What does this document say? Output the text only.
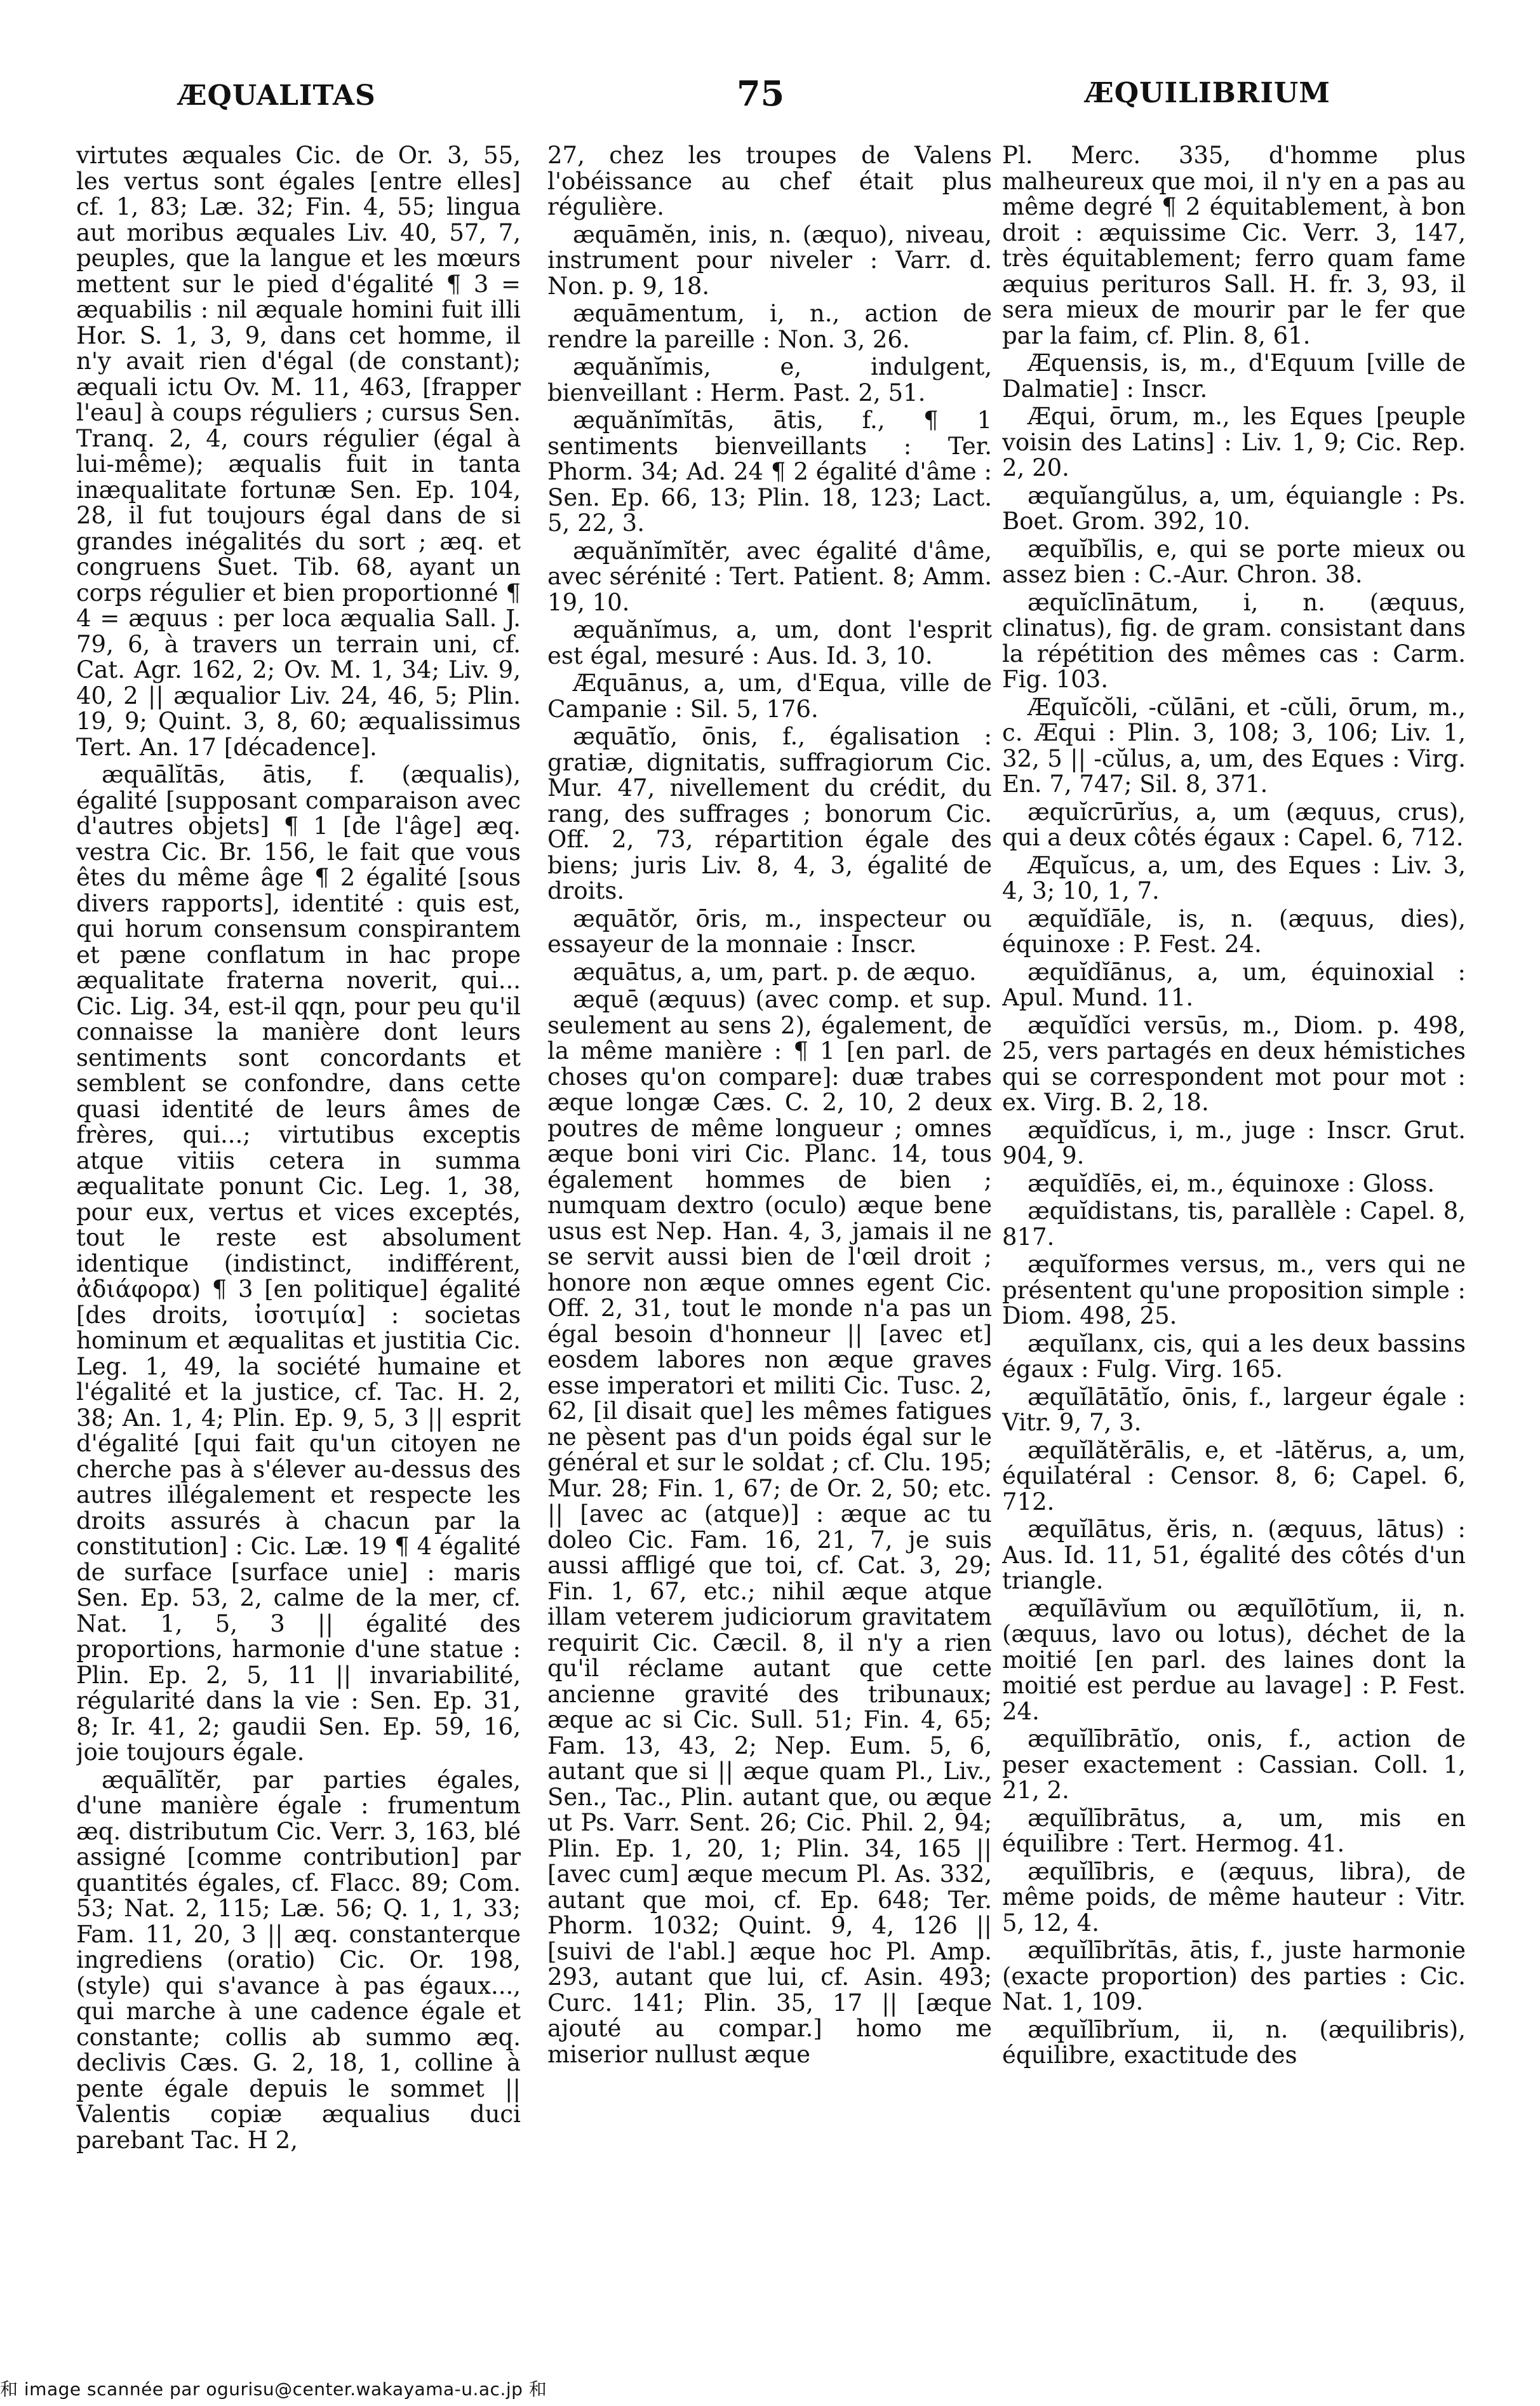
ÆQUALITAS	75	ÆQUILIBRIUM

virtutes æquales Cic. de Or. 3, 55, les vertus sont égales [entre elles] cf. 1, 83; Læ. 32; Fin. 4, 55; lingua aut moribus æquales Liv. 40, 57, 7, peuples, que la langue et les mœurs mettent sur le pied d'égalité ¶ 3 = æquabilis : nil æquale homini fuit illi Hor. S. 1, 3, 9, dans cet homme, il n'y avait rien d'égal (de constant); æquali ictu Ov. M. 11, 463, [frapper l'eau] à coups réguliers ; cursus Sen. Tranq. 2, 4, cours régulier (égal à lui-même); æqualis fuit in tanta inæqualitate fortunæ Sen. Ep. 104, 28, il fut toujours égal dans de si grandes inégalités du sort ; æq. et congruens Suet. Tib. 68, ayant un corps régulier et bien proportionné ¶ 4 = æquus : per loca æqualia Sall. J. 79, 6, à travers un terrain uni, cf. Cat. Agr. 162, 2; Ov. M. 1, 34; Liv. 9, 40, 2 || æqualior Liv. 24, 46, 5; Plin. 19, 9; Quint. 3, 8, 60; æqualissimus Tert. An. 17 [décadence].

æquālĭtās, ātis, f. (æqualis), égalité [supposant comparaison avec d'autres objets] ¶ 1 [de l'âge] æq. vestra Cic. Br. 156, le fait que vous êtes du même âge ¶ 2 égalité [sous divers rapports], identité : quis est, qui horum consensum conspirantem et pæne conflatum in hac prope æqualitate fraterna noverit, qui... Cic. Lig. 34, est-il qqn, pour peu qu'il connaisse la manière dont leurs sentiments sont concordants et semblent se confondre, dans cette quasi identité de leurs âmes de frères, qui...; virtutibus exceptis atque vitiis cetera in summa æqualitate ponunt Cic. Leg. 1, 38, pour eux, vertus et vices exceptés, tout le reste est absolument identique (indistinct, indifférent, ἀδιάφορα) ¶ 3 [en politique] égalité [des droits, ἰσοτιμία] : societas hominum et æqualitas et justitia Cic. Leg. 1, 49, la société humaine et l'égalité et la justice, cf. Tac. H. 2, 38; An. 1, 4; Plin. Ep. 9, 5, 3 || esprit d'égalité [qui fait qu'un citoyen ne cherche pas à s'élever au-dessus des autres illégalement et respecte les droits assurés à chacun par la constitution] : Cic. Læ. 19 ¶ 4 égalité de surface [surface unie] : maris Sen. Ep. 53, 2, calme de la mer, cf. Nat. 1, 5, 3 || égalité des proportions, harmonie d'une statue : Plin. Ep. 2, 5, 11 || invariabilité, régularité dans la vie : Sen. Ep. 31, 8; Ir. 41, 2; gaudii Sen. Ep. 59, 16, joie toujours égale.

æquālĭtĕr, par parties égales, d'une manière égale : frumentum æq. distributum Cic. Verr. 3, 163, blé assigné [comme contribution] par quantités égales, cf. Flacc. 89; Com. 53; Nat. 2, 115; Læ. 56; Q. 1, 1, 33; Fam. 11, 20, 3 || æq. constanterque ingrediens (oratio) Cic. Or. 198, (style) qui s'avance à pas égaux..., qui marche à une cadence égale et constante; collis ab summo æq. declivis Cæs. G. 2, 18, 1, colline à pente égale depuis le sommet || Valentis copiæ æqualius duci parebant Tac. H 2,

27, chez les troupes de Valens l'obéissance au chef était plus régulière.

æquāmĕn, inis, n. (æquo), niveau, instrument pour niveler : Varr. d. Non. p. 9, 18.

æquāmentum, i, n., action de rendre la pareille : Non. 3, 26.

æquănĭmis, e, indulgent, bienveillant : Herm. Past. 2, 51.

æquănĭmĭtās, ātis, f., ¶ 1 sentiments bienveillants : Ter. Phorm. 34; Ad. 24 ¶ 2 égalité d'âme : Sen. Ep. 66, 13; Plin. 18, 123; Lact. 5, 22, 3.

æquănĭmĭtĕr, avec égalité d'âme, avec sérénité : Tert. Patient. 8; Amm. 19, 10.

æquănĭmus, a, um, dont l'esprit est égal, mesuré : Aus. Id. 3, 10.

Æquānus, a, um, d'Equa, ville de Campanie : Sil. 5, 176.

æquātĭo, ōnis, f., égalisation : gratiæ, dignitatis, suffragiorum Cic. Mur. 47, nivellement du crédit, du rang, des suffrages ; bonorum Cic. Off. 2, 73, répartition égale des biens; juris Liv. 8, 4, 3, égalité de droits.

æquātŏr, ōris, m., inspecteur ou essayeur de la monnaie : Inscr.

æquātus, a, um, part. p. de æquo.

æquē (æquus) (avec comp. et sup. seulement au sens 2), également, de la même manière : ¶ 1 [en parl. de choses qu'on compare]: duæ trabes æque longæ Cæs. C. 2, 10, 2 deux poutres de même longueur ; omnes æque boni viri Cic. Planc. 14, tous également hommes de bien ; numquam dextro (oculo) æque bene usus est Nep. Han. 4, 3, jamais il ne se servit aussi bien de l'œil droit ; honore non æque omnes egent Cic. Off. 2, 31, tout le monde n'a pas un égal besoin d'honneur || [avec et] eosdem labores non æque graves esse imperatori et militi Cic. Tusc. 2, 62, [il disait que] les mêmes fatigues ne pèsent pas d'un poids égal sur le général et sur le soldat ; cf. Clu. 195; Mur. 28; Fin. 1, 67; de Or. 2, 50; etc. || [avec ac (atque)] : æque ac tu doleo Cic. Fam. 16, 21, 7, je suis aussi affligé que toi, cf. Cat. 3, 29; Fin. 1, 67, etc.; nihil æque atque illam veterem judiciorum gravitatem requirit Cic. Cæcil. 8, il n'y a rien qu'il réclame autant que cette ancienne gravité des tribunaux; æque ac si Cic. Sull. 51; Fin. 4, 65; Fam. 13, 43, 2; Nep. Eum. 5, 6, autant que si || æque quam Pl., Liv., Sen., Tac., Plin. autant que, ou æque ut Ps. Varr. Sent. 26; Cic. Phil. 2, 94; Plin. Ep. 1, 20, 1; Plin. 34, 165 || [avec cum] æque mecum Pl. As. 332, autant que moi, cf. Ep. 648; Ter. Phorm. 1032; Quint. 9, 4, 126 || [suivi de l'abl.] æque hoc Pl. Amp. 293, autant que lui, cf. Asin. 493; Curc. 141; Plin. 35, 17 || [æque ajouté au compar.] homo me miserior nullust æque

Pl. Merc. 335, d'homme plus malheureux que moi, il n'y en a pas au même degré ¶ 2 équitablement, à bon droit : æquissime Cic. Verr. 3, 147, très équitablement; ferro quam fame æquius perituros Sall. H. fr. 3, 93, il sera mieux de mourir par le fer que par la faim, cf. Plin. 8, 61.

Æquensis, is, m., d'Equum [ville de Dalmatie] : Inscr.

Æqui, ōrum, m., les Eques [peuple voisin des Latins] : Liv. 1, 9; Cic. Rep. 2, 20.

æquĭangŭlus, a, um, équiangle : Ps. Boet. Grom. 392, 10.

æquĭbĭlis, e, qui se porte mieux ou assez bien : C.-Aur. Chron. 38.

æquĭclīnātum, i, n. (æquus, clinatus), fig. de gram. consistant dans la répétition des mêmes cas : Carm. Fig. 103.

Æquĭcŏli, -cŭlāni, et -cŭli, ōrum, m., c. Æqui : Plin. 3, 108; 3, 106; Liv. 1, 32, 5 || -cŭlus, a, um, des Eques : Virg. En. 7, 747; Sil. 8, 371.

æquĭcrūrĭus, a, um (æquus, crus), qui a deux côtés égaux : Capel. 6, 712.

Æquĭcus, a, um, des Eques : Liv. 3, 4, 3; 10, 1, 7.

æquĭdĭāle, is, n. (æquus, dies), équinoxe : P. Fest. 24.

æquĭdĭānus, a, um, équinoxial : Apul. Mund. 11.

æquĭdĭci versūs, m., Diom. p. 498, 25, vers partagés en deux hémistiches qui se correspondent mot pour mot : ex. Virg. B. 2, 18.

æquĭdĭcus, i, m., juge : Inscr. Grut. 904, 9.

æquĭdĭēs, ei, m., équinoxe : Gloss.

æquĭdistans, tis, parallèle : Capel. 8, 817.

æquĭformes versus, m., vers qui ne présentent qu'une proposition simple : Diom. 498, 25.

æquĭlanx, cis, qui a les deux bassins égaux : Fulg. Virg. 165.

æquĭlātātĭo, ōnis, f., largeur égale : Vitr. 9, 7, 3.

æquĭlătĕrālis, e, et -lātĕrus, a, um, équilatéral : Censor. 8, 6; Capel. 6, 712.

æquĭlātus, ĕris, n. (æquus, lātus) : Aus. Id. 11, 51, égalité des côtés d'un triangle.

æquĭlāvĭum ou æquĭlōtĭum, ii, n. (æquus, lavo ou lotus), déchet de la moitié [en parl. des laines dont la moitié est perdue au lavage] : P. Fest. 24.

æquĭlībrātĭo, onis, f., action de peser exactement : Cassian. Coll. 1, 21, 2.

æquĭlībrātus, a, um, mis en équilibre : Tert. Hermog. 41.

æquĭlībris, e (æquus, libra), de même poids, de même hauteur : Vitr. 5, 12, 4.

æquĭlībrĭtās, ātis, f., juste harmonie (exacte proportion) des parties : Cic. Nat. 1, 109.

æquĭlībrĭum, ii, n. (æquilibris), équilibre, exactitude des

和 image scannée par ogurisu@center.wakayama-u.ac.jp 和
